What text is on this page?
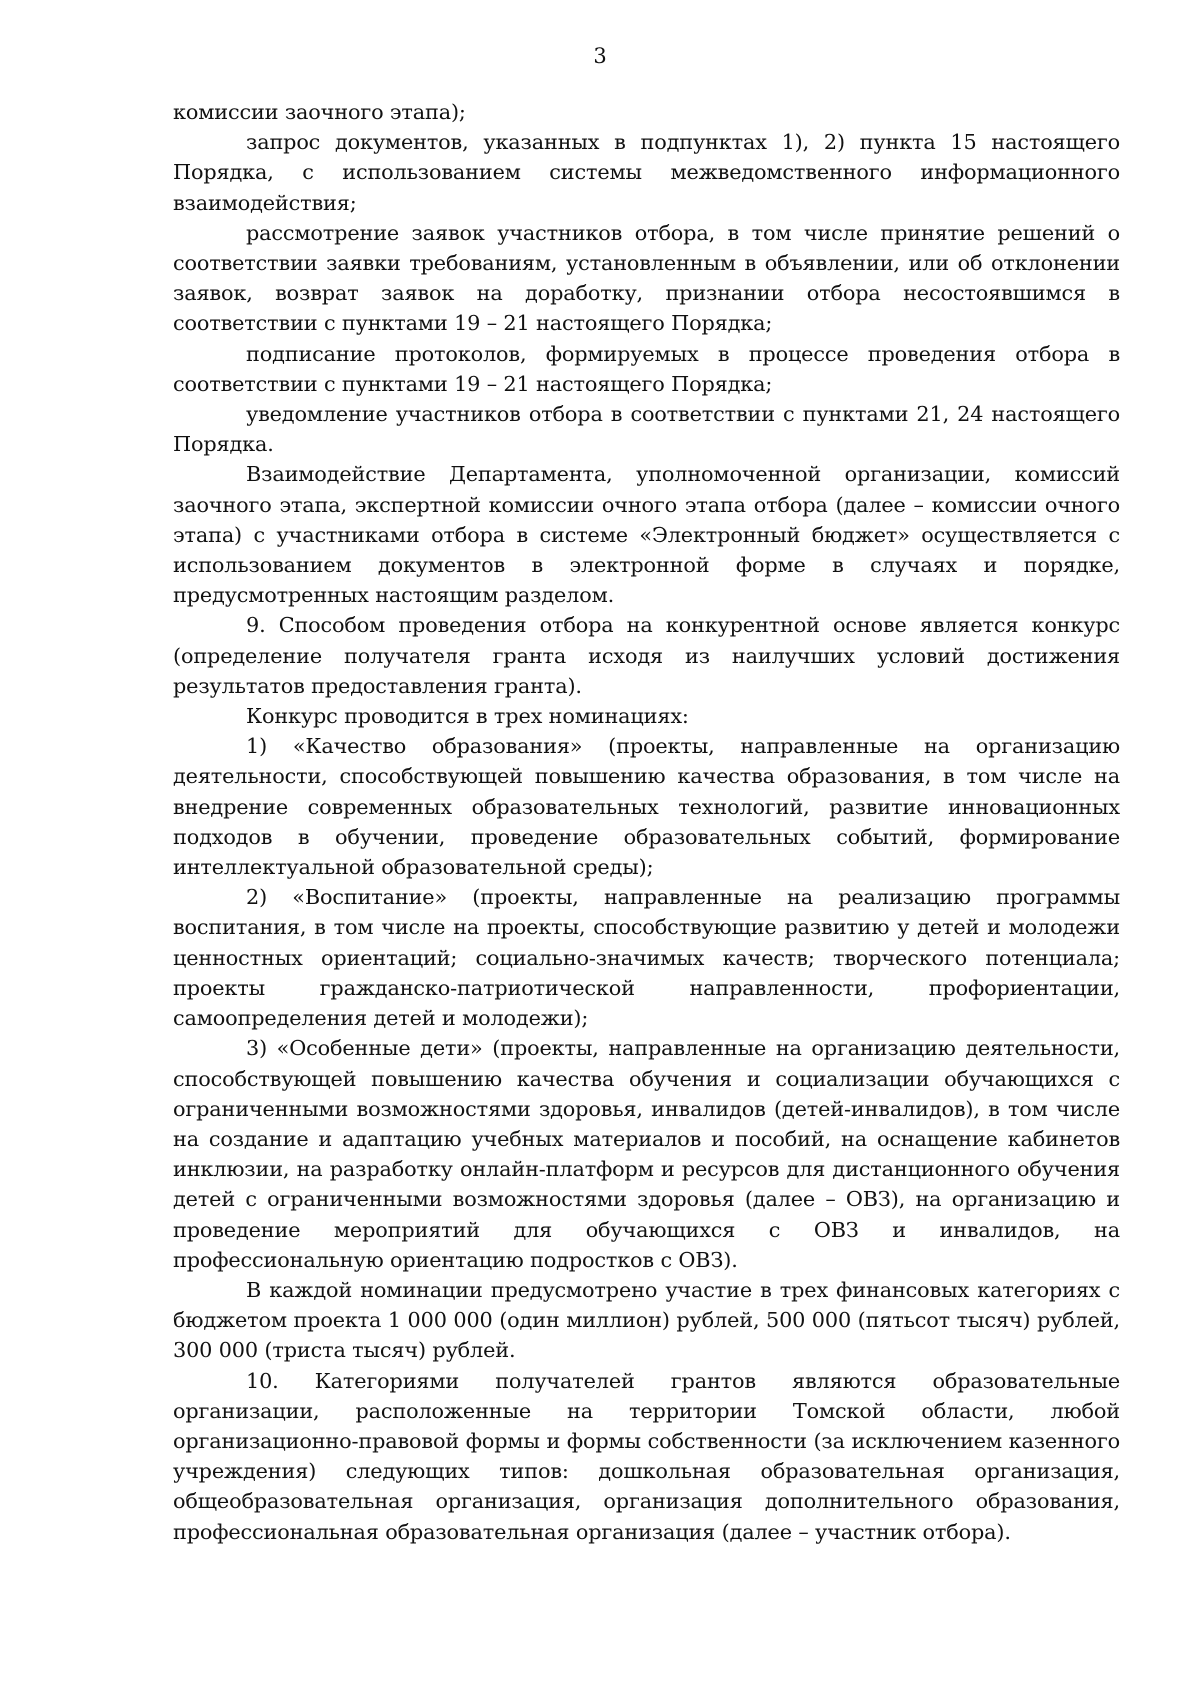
3

комиссии заочного этапа);

запрос документов, указанных в подпунктах 1), 2) пункта 15 настоящего Порядка, с использованием системы межведомственного информационного взаимодействия;

рассмотрение заявок участников отбора, в том числе принятие решений о соответствии заявки требованиям, установленным в объявлении, или об отклонении заявок, возврат заявок на доработку, признании отбора несостоявшимся в соответствии с пунктами 19 – 21 настоящего Порядка;

подписание протоколов, формируемых в процессе проведения отбора в соответствии с пунктами 19 – 21 настоящего Порядка;

уведомление участников отбора в соответствии с пунктами 21, 24 настоящего Порядка.

Взаимодействие Департамента, уполномоченной организации, комиссий заочного этапа, экспертной комиссии очного этапа отбора (далее – комиссии очного этапа) с участниками отбора в системе «Электронный бюджет» осуществляется с использованием документов в электронной форме в случаях и порядке, предусмотренных настоящим разделом.

9. Способом проведения отбора на конкурентной основе является конкурс (определение получателя гранта исходя из наилучших условий достижения результатов предоставления гранта).

Конкурс проводится в трех номинациях:

1) «Качество образования» (проекты, направленные на организацию деятельности, способствующей повышению качества образования, в том числе на внедрение современных образовательных технологий, развитие инновационных подходов в обучении, проведение образовательных событий, формирование интеллектуальной образовательной среды);

2) «Воспитание» (проекты, направленные на реализацию программы воспитания, в том числе на проекты, способствующие развитию у детей и молодежи ценностных ориентаций; социально-значимых качеств; творческого потенциала; проекты гражданско-патриотической направленности, профориентации, самоопределения детей и молодежи);

3) «Особенные дети» (проекты, направленные на организацию деятельности, способствующей повышению качества обучения и социализации обучающихся с ограниченными возможностями здоровья, инвалидов (детей-инвалидов), в том числе на создание и адаптацию учебных материалов и пособий, на оснащение кабинетов инклюзии, на разработку онлайн-платформ и ресурсов для дистанционного обучения детей с ограниченными возможностями здоровья (далее – ОВЗ), на организацию и проведение мероприятий для обучающихся с ОВЗ и инвалидов, на профессиональную ориентацию подростков с ОВЗ).

В каждой номинации предусмотрено участие в трех финансовых категориях с бюджетом проекта 1 000 000 (один миллион) рублей, 500 000 (пятьсот тысяч) рублей, 300 000 (триста тысяч) рублей.

10. Категориями получателей грантов являются образовательные организации, расположенные на территории Томской области, любой организационно-правовой формы и формы собственности (за исключением казенного учреждения) следующих типов: дошкольная образовательная организация, общеобразовательная организация, организация дополнительного образования, профессиональная образовательная организация (далее – участник отбора).
